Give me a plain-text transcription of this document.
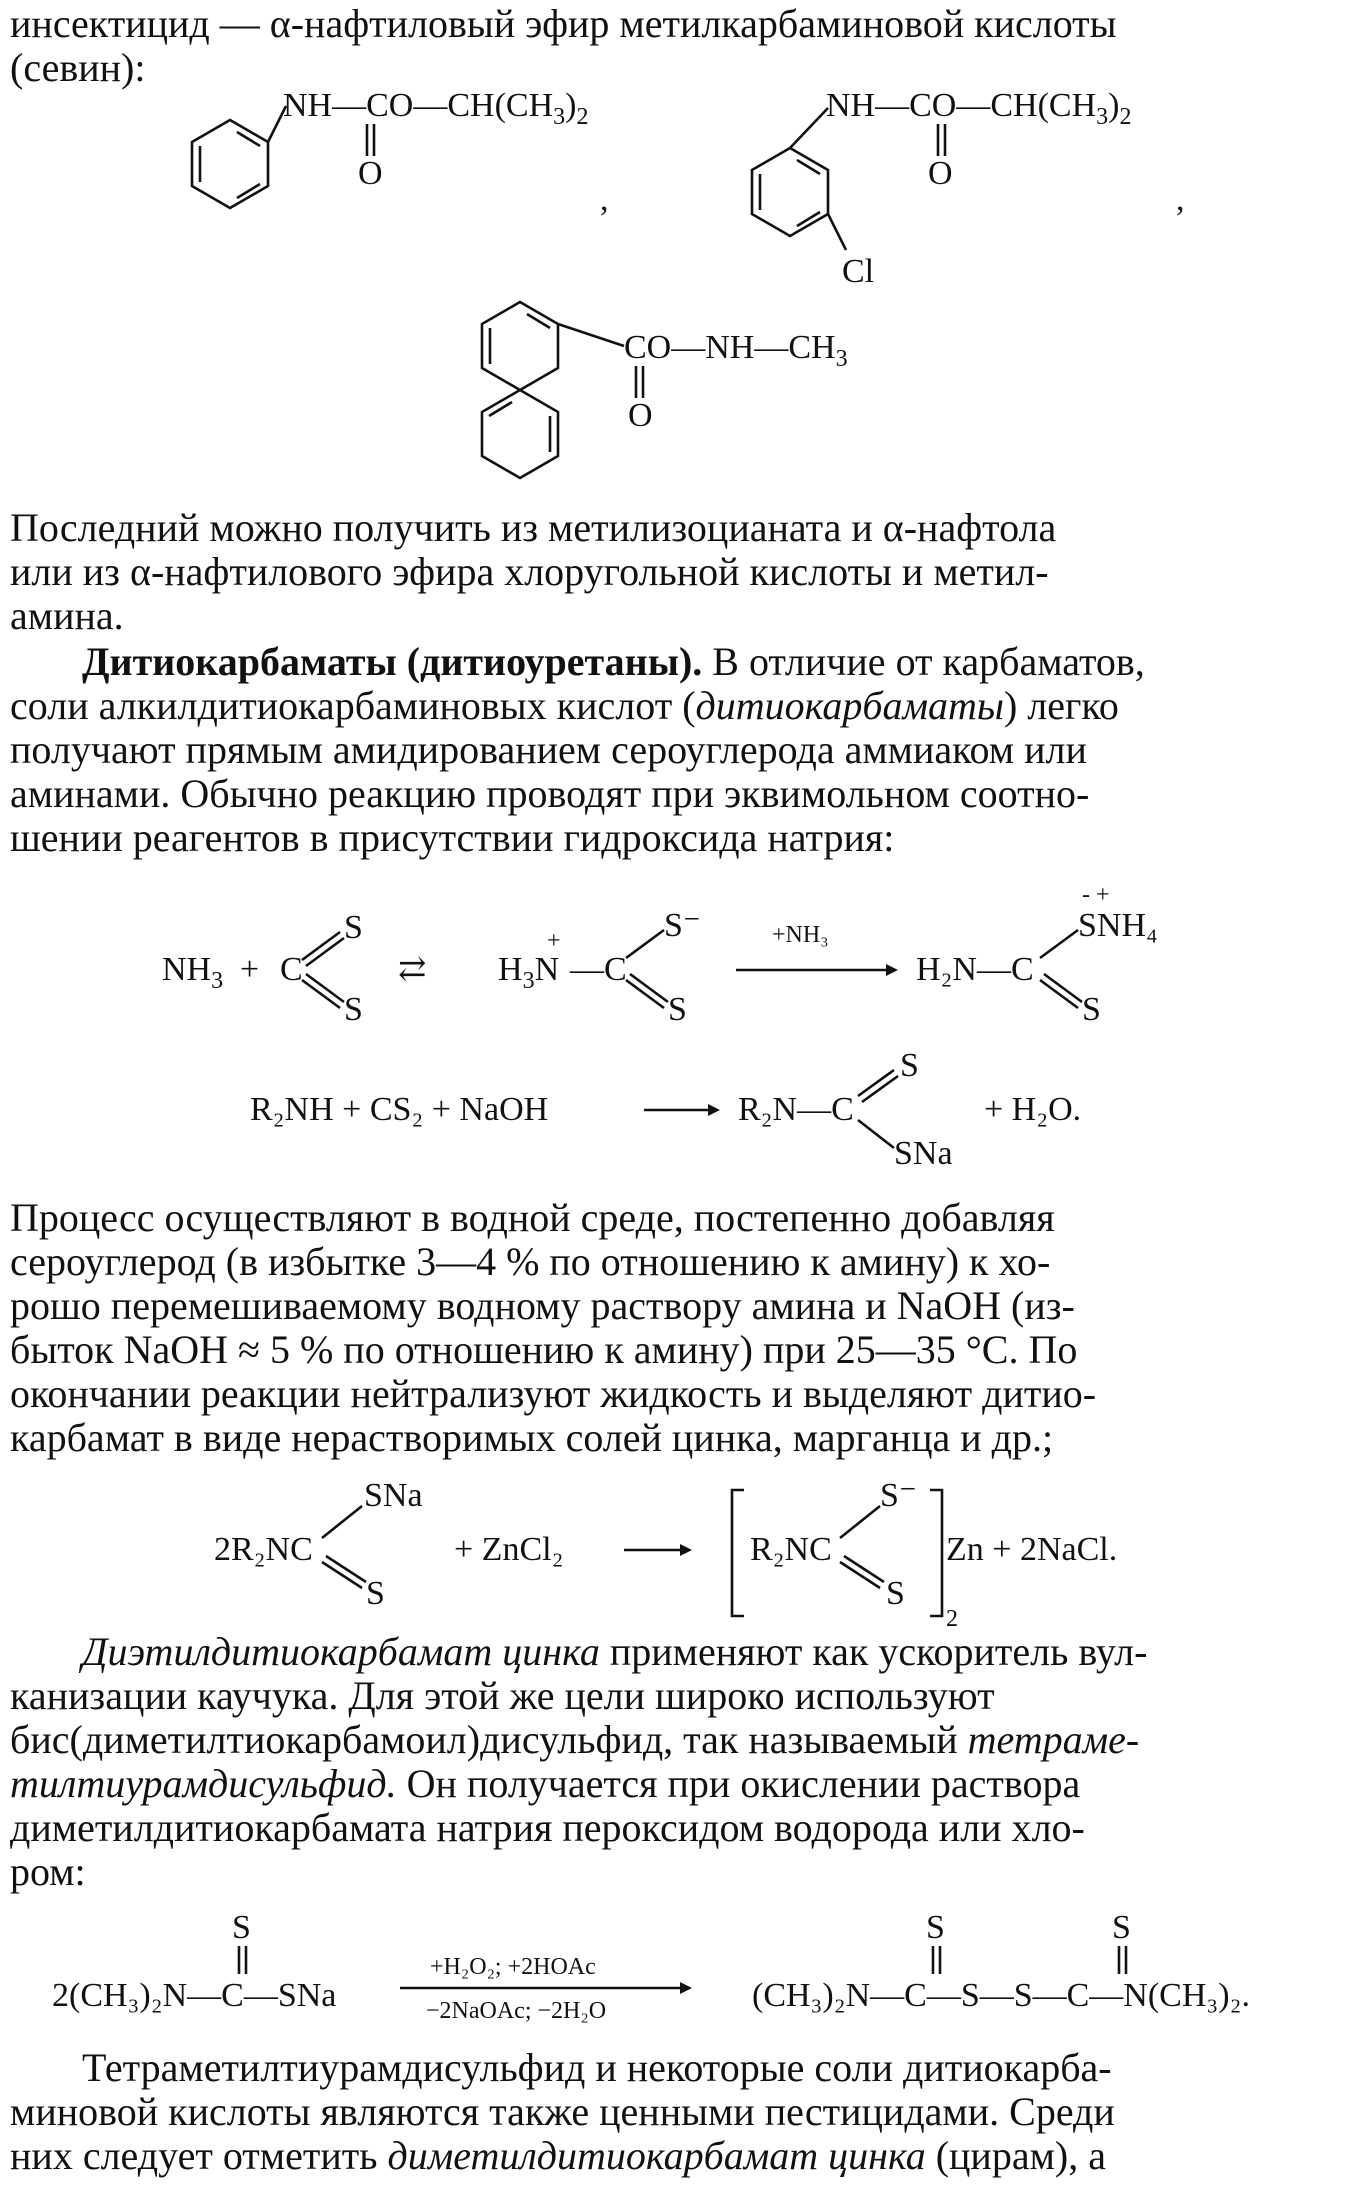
инсектицид — α-нафтиловый эфир метилкарбаминовой кислоты
(севин):

$NH—CO—CH(CH_3)_2$
O
,
$NH—CO—CH(CH_3)_2$
O
Cl
,
$CO—NH—CH_3$
O

Последний можно получить из метилизоцианата и α-нафтола
или из α-нафтилового эфира хлоругольной кислоты и метил-
амина.

Дитиокарбаматы (дитиоуретаны). В отличие от карбаматов,
соли алкилдитиокарбаминовых кислот (дитиокарбаматы) легко
получают прямым амидированием сероуглерода аммиаком или
аминами. Обычно реакцию проводят при эквимольном соотно-
шении реагентов в присутствии гидроксида натрия:

$NH_3 + C$
S
S
⇄ $H_3N$
+
—C
S⁻
S
+NH₃
H₂N—C
- +
SNH₄
S
R₂NH + CS₂ + NaOH	R₂N—C
S
SNa
+ H₂O.

Процесс осуществляют в водной среде, постепенно добавляя
сероуглерод (в избытке 3—4 % по отношению к амину) к хо-
рошо перемешиваемому водному раствору амина и NaOH (из-
быток NaOH ≈ 5 % по отношению к амину) при 25—35 °C. По
окончании реакции нейтрализуют жидкость и выделяют дитио-
карбамат в виде нерастворимых солей цинка, марганца и др.;

2R₂NC
SNa
S
+ ZnCl₂	R₂NC
S⁻
S
2
Zn + 2NaCl.

Диэтилдитиокарбамат цинка применяют как ускоритель вул-
канизации каучука. Для этой же цели широко используют
бис(диметилтиокарбамоил)дисульфид, так называемый тетраме-
тилтиурамдисульфид. Он получается при окислении раствора
диметилдитиокарбамата натрия пероксидом водорода или хло-
ром:

S
2(CH₃)₂N—C—SNa
+H₂O₂; +2HOAc
−2NaOAc; −2H₂O
S	S
(CH₃)₂N—C—S—S—C—N(CH₃)₂.

Тетраметилтиурамдисульфид и некоторые соли дитиокарба-
миновой кислоты являются также ценными пестицидами. Среди
них следует отметить диметилдитиокарбамат цинка (цирам), а
